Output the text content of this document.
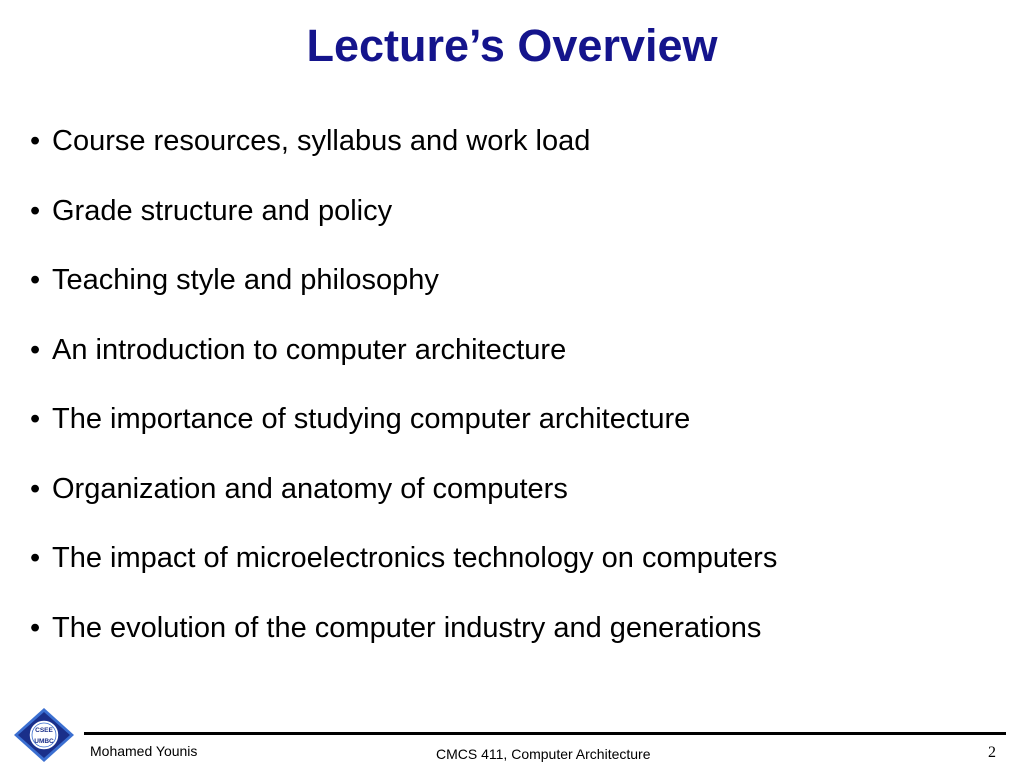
Lecture’s Overview
• Course resources, syllabus and work load
• Grade structure and policy
• Teaching style and philosophy
• An introduction to computer architecture
• The importance of studying computer architecture
• Organization and anatomy of computers
• The impact of microelectronics technology on computers
• The evolution of the computer industry and generations
CSEE
UMBC
Mohamed Younis	CMCS 411, Computer Architecture	2
